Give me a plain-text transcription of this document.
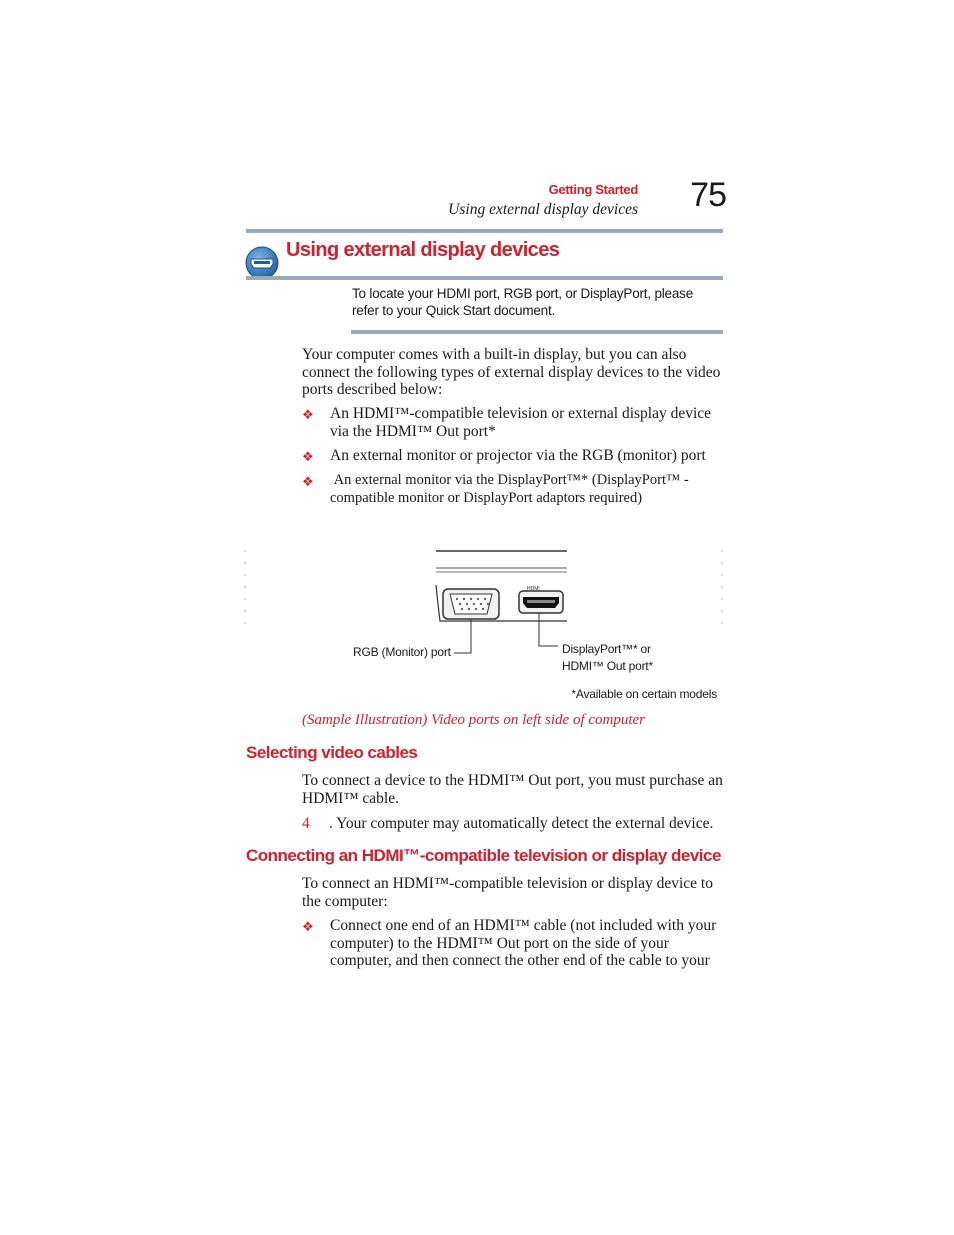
Getting Started
Using external display devices 75
Using external display devices
To locate your HDMI port, RGB port, or DisplayPort, please refer to your Quick Start document.
Your computer comes with a built-in display, but you can also connect the following types of external display devices to the video ports described below:
❖ An HDMI™-compatible television or external display device via the HDMI™ Out port*
❖ An external monitor or projector via the RGB (monitor) port
❖ An external monitor via the DisplayPort™* (DisplayPort™ - compatible monitor or DisplayPort adaptors required)
HDMI
RGB (Monitor) port	DisplayPort™* or
HDMI™ Out port*
*Available on certain models
(Sample Illustration) Video ports on left side of computer
Selecting video cables
To connect a device to the HDMI™ Out port, you must purchase an HDMI™ cable.
4 . Your computer may automatically detect the external device.
Connecting an HDMI™-compatible television or display device
To connect an HDMI™-compatible television or display device to the computer:
❖ Connect one end of an HDMI™ cable (not included with your computer) to the HDMI™ Out port on the side of your computer, and then connect the other end of the cable to your
